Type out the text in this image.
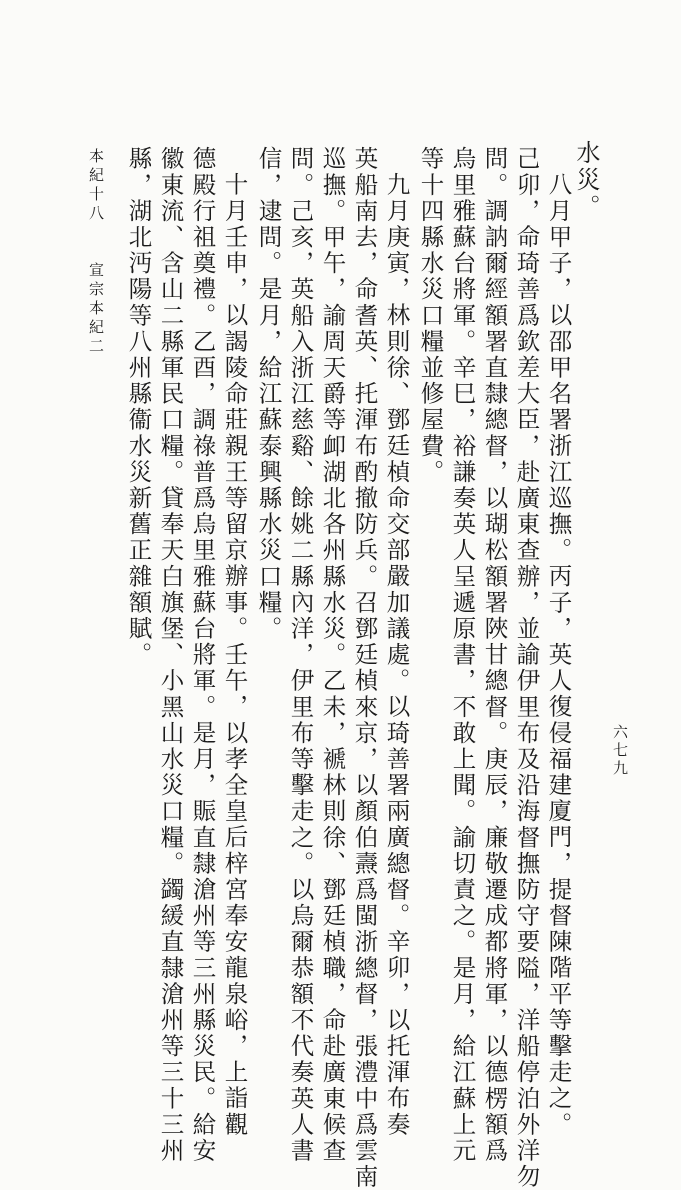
水災。
八月甲子，以邵甲名署浙江巡撫。丙子，英人復侵福建廈門，提督陳階平等擊走之。
己卯，命琦善爲欽差大臣，赴廣東查辦，並諭伊里布及沿海督撫防守要隘，洋船停泊外洋勿
問。調訥爾經額署直隸總督，以瑚松額署陜甘總督。庚辰，廉敬遷成都將軍，以德楞額爲
烏里雅蘇台將軍。辛巳，裕謙奏英人呈遞原書，不敢上聞。諭切責之。是月，給江蘇上元
等十四縣水災口糧並修屋費。
九月庚寅，林則徐、鄧廷楨命交部嚴加議處。以琦善署兩廣總督。辛卯，以托渾布奏
英船南去，命耆英、托渾布酌撤防兵。召鄧廷楨來京，以顏伯燾爲閩浙總督，張澧中爲雲南
巡撫。甲午，諭周天爵等卹湖北各州縣水災。乙未，褫林則徐、鄧廷楨職，命赴廣東候查
問。己亥，英船入浙江慈谿、餘姚二縣內洋，伊里布等擊走之。以烏爾恭額不代奏英人書
信，逮問。是月，給江蘇泰興縣水災口糧。
十月壬申，以謁陵命莊親王等留京辦事。壬午，以孝全皇后梓宮奉安龍泉峪，上詣觀
德殿行祖奠禮。乙酉，調祿普爲烏里雅蘇台將軍。是月，賑直隸滄州等三州縣災民。給安
徽東流、含山二縣軍民口糧。貸奉天白旗堡、小黑山水災口糧。蠲緩直隸滄州等三十三州
縣，湖北沔陽等八州縣衞水災新舊正雜額賦。
本紀十八
宣宗本紀二
六七九
